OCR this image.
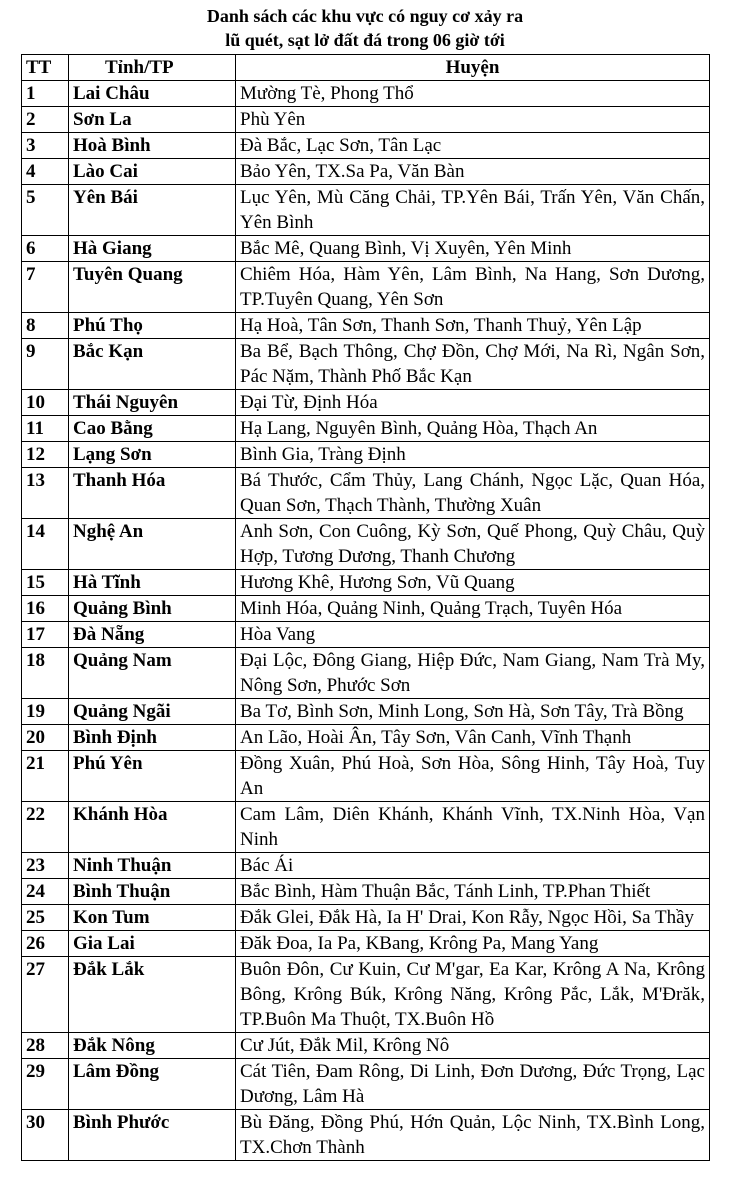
Danh sách các khu vực có nguy cơ xảy ra
lũ quét, sạt lở đất đá trong 06 giờ tới
TT	Tỉnh/TP	Huyện
1	Lai Châu	Mường Tè, Phong Thổ
2	Sơn La	Phù Yên
3	Hoà Bình	Đà Bắc, Lạc Sơn, Tân Lạc
4	Lào Cai	Bảo Yên, TX.Sa Pa, Văn Bàn
5	Yên Bái	Lục Yên, Mù Căng Chải, TP.Yên Bái, Trấn Yên, Văn Chấn, Yên Bình
6	Hà Giang	Bắc Mê, Quang Bình, Vị Xuyên, Yên Minh
7	Tuyên Quang	Chiêm Hóa, Hàm Yên, Lâm Bình, Na Hang, Sơn Dương, TP.Tuyên Quang, Yên Sơn
8	Phú Thọ	Hạ Hoà, Tân Sơn, Thanh Sơn, Thanh Thuỷ, Yên Lập
9	Bắc Kạn	Ba Bể, Bạch Thông, Chợ Đồn, Chợ Mới, Na Rì, Ngân Sơn, Pác Nặm, Thành Phố Bắc Kạn
10	Thái Nguyên	Đại Từ, Định Hóa
11	Cao Bằng	Hạ Lang, Nguyên Bình, Quảng Hòa, Thạch An
12	Lạng Sơn	Bình Gia, Tràng Định
13	Thanh Hóa	Bá Thước, Cẩm Thủy, Lang Chánh, Ngọc Lặc, Quan Hóa, Quan Sơn, Thạch Thành, Thường Xuân
14	Nghệ An	Anh Sơn, Con Cuông, Kỳ Sơn, Quế Phong, Quỳ Châu, Quỳ Hợp, Tương Dương, Thanh Chương
15	Hà Tĩnh	Hương Khê, Hương Sơn, Vũ Quang
16	Quảng Bình	Minh Hóa, Quảng Ninh, Quảng Trạch, Tuyên Hóa
17	Đà Nẵng	Hòa Vang
18	Quảng Nam	Đại Lộc, Đông Giang, Hiệp Đức, Nam Giang, Nam Trà My, Nông Sơn, Phước Sơn
19	Quảng Ngãi	Ba Tơ, Bình Sơn, Minh Long, Sơn Hà, Sơn Tây, Trà Bồng
20	Bình Định	An Lão, Hoài Ân, Tây Sơn, Vân Canh, Vĩnh Thạnh
21	Phú Yên	Đồng Xuân, Phú Hoà, Sơn Hòa, Sông Hinh, Tây Hoà, Tuy An
22	Khánh Hòa	Cam Lâm, Diên Khánh, Khánh Vĩnh, TX.Ninh Hòa, Vạn Ninh
23	Ninh Thuận	Bác Ái
24	Bình Thuận	Bắc Bình, Hàm Thuận Bắc, Tánh Linh, TP.Phan Thiết
25	Kon Tum	Đắk Glei, Đắk Hà, Ia H' Drai, Kon Rẫy, Ngọc Hồi, Sa Thầy
26	Gia Lai	Đăk Đoa, Ia Pa, KBang, Krông Pa, Mang Yang
27	Đắk Lắk	Buôn Đôn, Cư Kuin, Cư M'gar, Ea Kar, Krông A Na, Krông Bông, Krông Búk, Krông Năng, Krông Pắc, Lắk, M'Đrăk, TP.Buôn Ma Thuột, TX.Buôn Hồ
28	Đắk Nông	Cư Jút, Đắk Mil, Krông Nô
29	Lâm Đồng	Cát Tiên, Đam Rông, Di Linh, Đơn Dương, Đức Trọng, Lạc Dương, Lâm Hà
30	Bình Phước	Bù Đăng, Đồng Phú, Hớn Quản, Lộc Ninh, TX.Bình Long, TX.Chơn Thành
